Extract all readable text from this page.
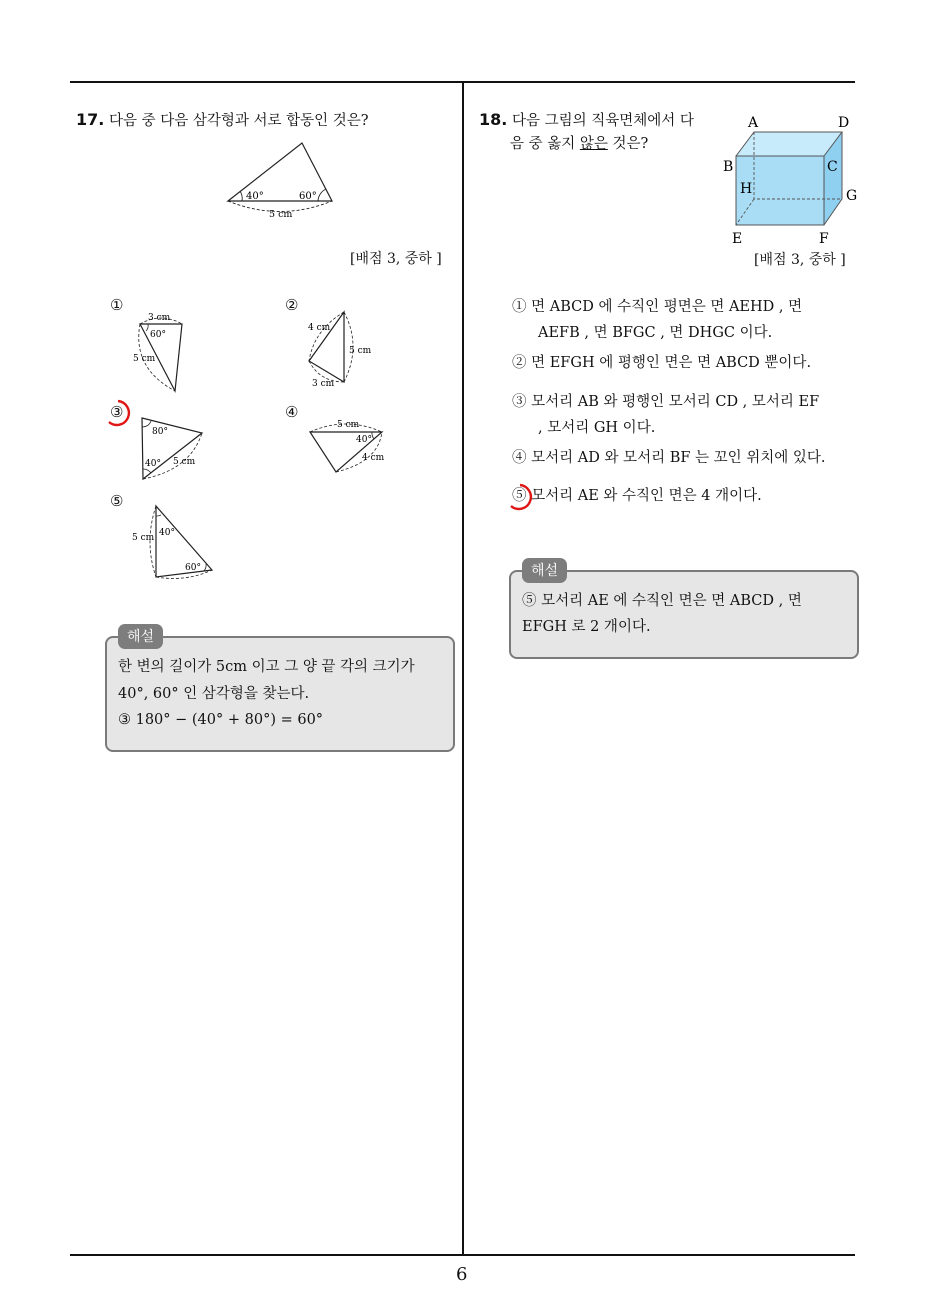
17. 다음 중 다음 삼각형과 서로 합동인 것은?
40°	60°
5 cm
[배점 3, 중하 ]
①
3 cm
60°
5 cm
②
4 cm
5 cm
3 cm
③
80°
40° 5 cm
④
5 cm
40°
4 cm
⑤
5 cm 40°
60°
해설
한 변의 길이가 5cm 이고 그 양 끝 각의 크기가
40°, 60° 인 삼각형을 찾는다.
③ 180° − (40° + 80°) = 60°
18. 다음 그림의 직육면체에서 다
음 중 옳지 않은 것은?
A	D
B	C
H	G
E	F
[배점 3, 중하 ]
① 면 ABCD 에 수직인 평면은 면 AEHD , 면
AEFB , 면 BFGC , 면 DHGC 이다.
② 면 EFGH 에 평행인 면은 면 ABCD 뿐이다.
③ 모서리 AB 와 평행인 모서리 CD , 모서리 EF
, 모서리 GH 이다.
④ 모서리 AD 와 모서리 BF 는 꼬인 위치에 있다.
⑤ 모서리 AE 와 수직인 면은 4 개이다.
해설
⑤ 모서리 AE 에 수직인 면은 면 ABCD , 면
EFGH 로 2 개이다.
6
